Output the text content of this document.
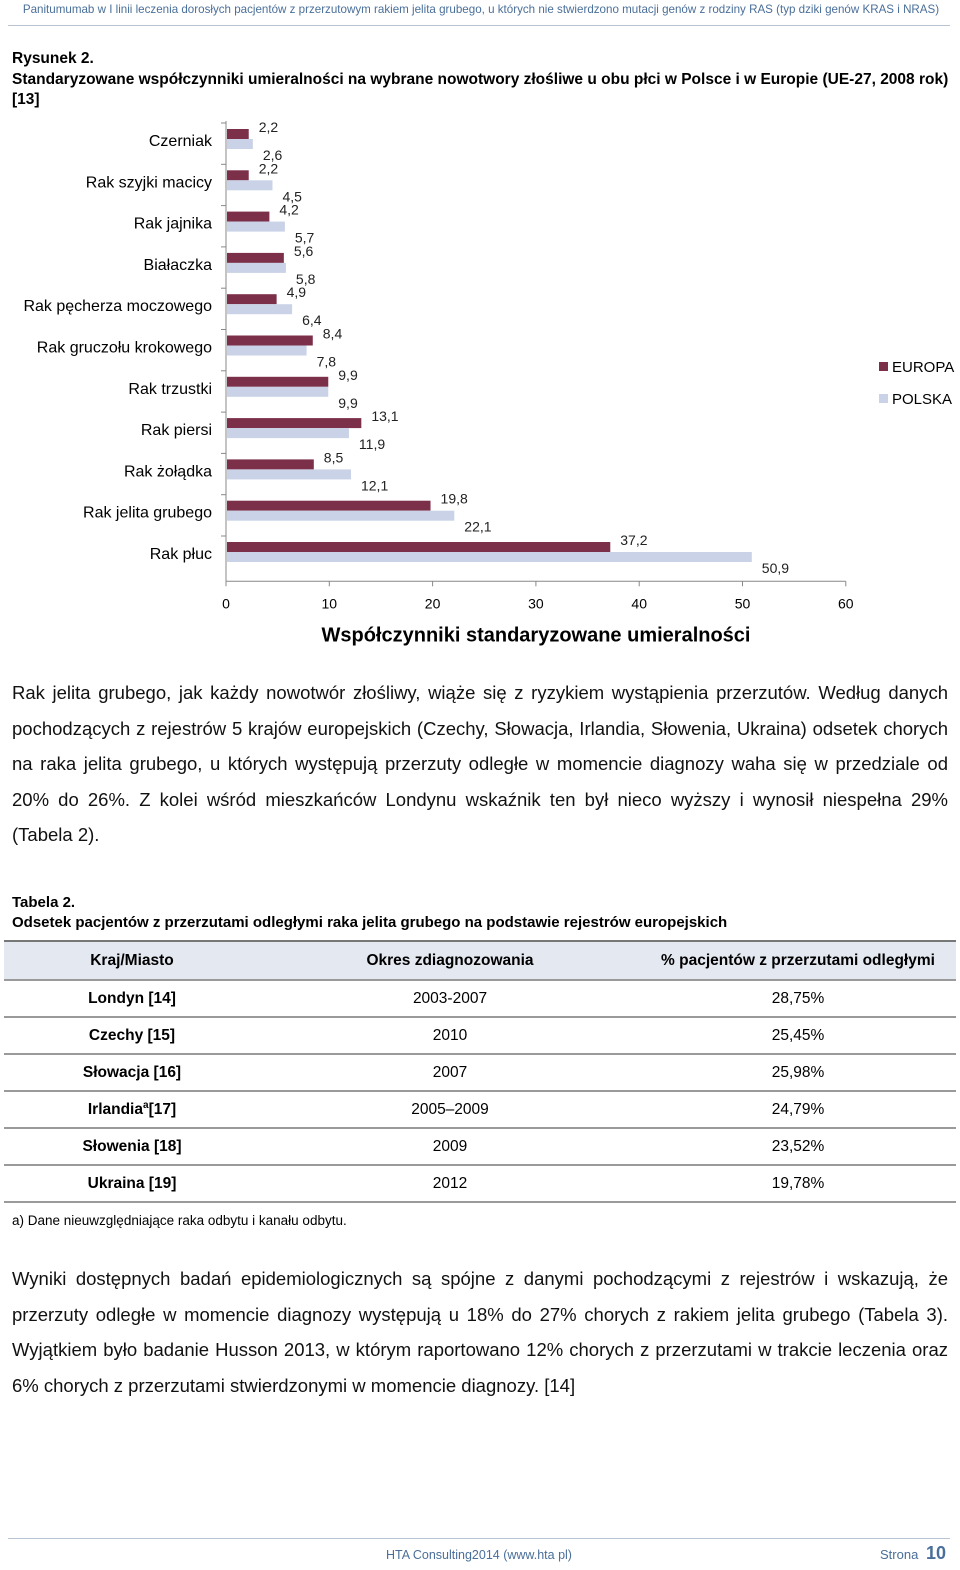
Panitumumab w I linii leczenia dorosłych pacjentów z przerzutowym rakiem jelita grubego, u których nie stwierdzono mutacji genów z rodziny RAS (typ dziki genów KRAS i NRAS)
Rysunek 2.
Standaryzowane współczynniki umieralności na wybrane nowotwory złośliwe u obu płci w Polsce i w Europie (UE-27, 2008 rok) [13]
Czerniak
2,2
2,6
Rak szyjki macicy
2,2
4,5
Rak jajnika
4,2
5,7
Białaczka
5,6
5,8
Rak pęcherza moczowego
4,9
6,4
Rak gruczołu krokowego
8,4
7,8
Rak trzustki
9,9
9,9
Rak piersi
13,1
11,9
Rak żołądka
8,5
12,1
Rak jelita grubego
19,8
22,1
Rak płuc
37,2
50,9
0	10	20	30	40	50	60
Współczynniki standaryzowane umieralności
EUROPA
POLSKA
Rak jelita grubego, jak każdy nowotwór złośliwy, wiąże się z ryzykiem wystąpienia przerzutów. Według danych pochodzących z rejestrów 5 krajów europejskich (Czechy, Słowacja, Irlandia, Słowenia, Ukraina) odsetek chorych na raka jelita grubego, u których występują przerzuty odległe w momencie diagnozy waha się w przedziale od 20% do 26%. Z kolei wśród mieszkańców Londynu wskaźnik ten był nieco wyższy i wynosił niespełna 29% (Tabela 2).
Tabela 2.
Odsetek pacjentów z przerzutami odległymi raka jelita grubego na podstawie rejestrów europejskich
Kraj/Miasto	Okres zdiagnozowania	% pacjentów z przerzutami odległymi
Londyn [14]	2003-2007	28,75%
Czechy [15]	2010	25,45%
Słowacja [16]	2007	25,98%
Irlandia$^a$[17]	2005–2009	24,79%
Słowenia [18]	2009	23,52%
Ukraina [19]	2012	19,78%
a) Dane nieuwzględniające raka odbytu i kanału odbytu.
Wyniki dostępnych badań epidemiologicznych są spójne z danymi pochodzącymi z rejestrów i wskazują, że przerzuty odległe w momencie diagnozy występują u 18% do 27% chorych z rakiem jelita grubego (Tabela 3). Wyjątkiem było badanie Husson 2013, w którym raportowano 12% chorych z przerzutami w trakcie leczenia oraz 6% chorych z przerzutami stwierdzonymi w momencie diagnozy. [14]
HTA Consulting2014 (www.hta pl)	Strona 10
